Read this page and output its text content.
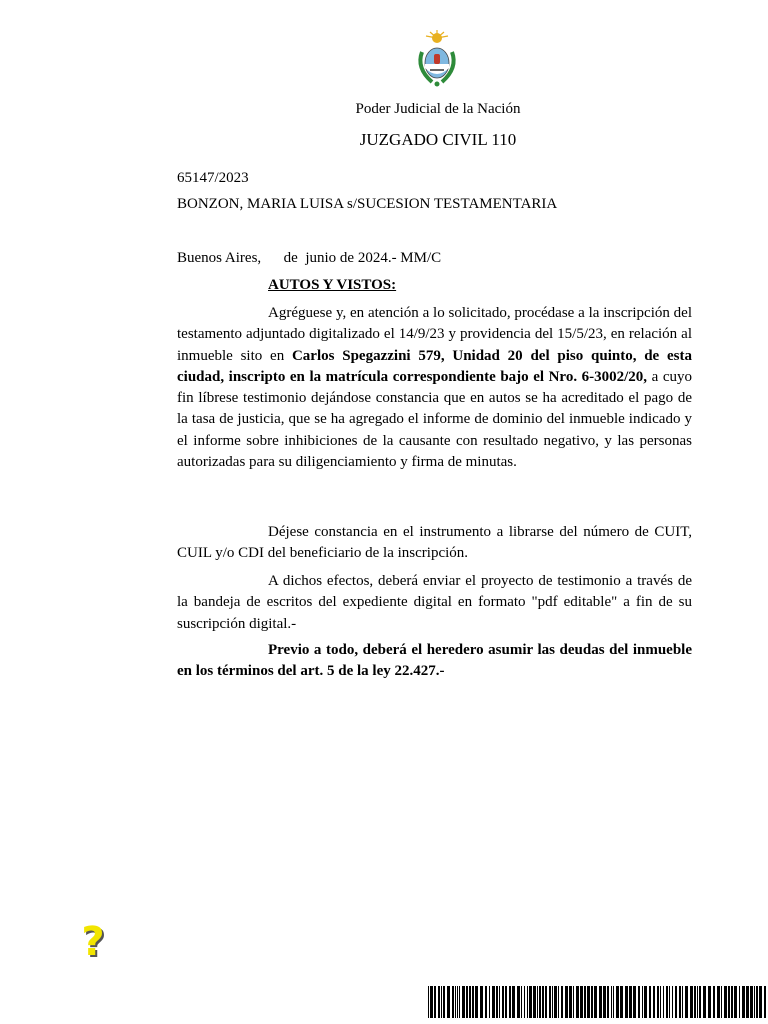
Poder Judicial de la Nación
JUZGADO CIVIL 110

65147/2023

BONZON, MARIA LUISA s/SUCESION TESTAMENTARIA

Buenos Aires,      de  junio de 2024.- MM/C

AUTOS Y VISTOS:

Agréguese y, en atención a lo solicitado, procédase a la inscripción del testamento adjuntado digitalizado el 14/9/23 y providencia del 15/5/23, en relación al inmueble sito en Carlos Spegazzini 579, Unidad 20 del piso quinto, de esta ciudad, inscripto en la matrícula correspondiente bajo el Nro. 6-3002/20, a cuyo fin líbrese testimonio dejándose constancia que en autos se ha acreditado el pago de la tasa de justicia, que se ha agregado el informe de dominio del inmueble indicado y el informe sobre inhibiciones de la causante con resultado negativo, y las personas autorizadas para su diligenciamiento y firma de minutas.

Déjese constancia en el instrumento a librarse del número de CUIT, CUIL y/o CDI del beneficiario de la inscripción.

A dichos efectos, deberá enviar el proyecto de testimonio a través de la bandeja de escritos del expediente digital en formato "pdf editable" a fin de su suscripción digital.-

Previo a todo, deberá el heredero asumir las deudas del inmueble en los términos del art. 5 de la ley 22.427.-

?
